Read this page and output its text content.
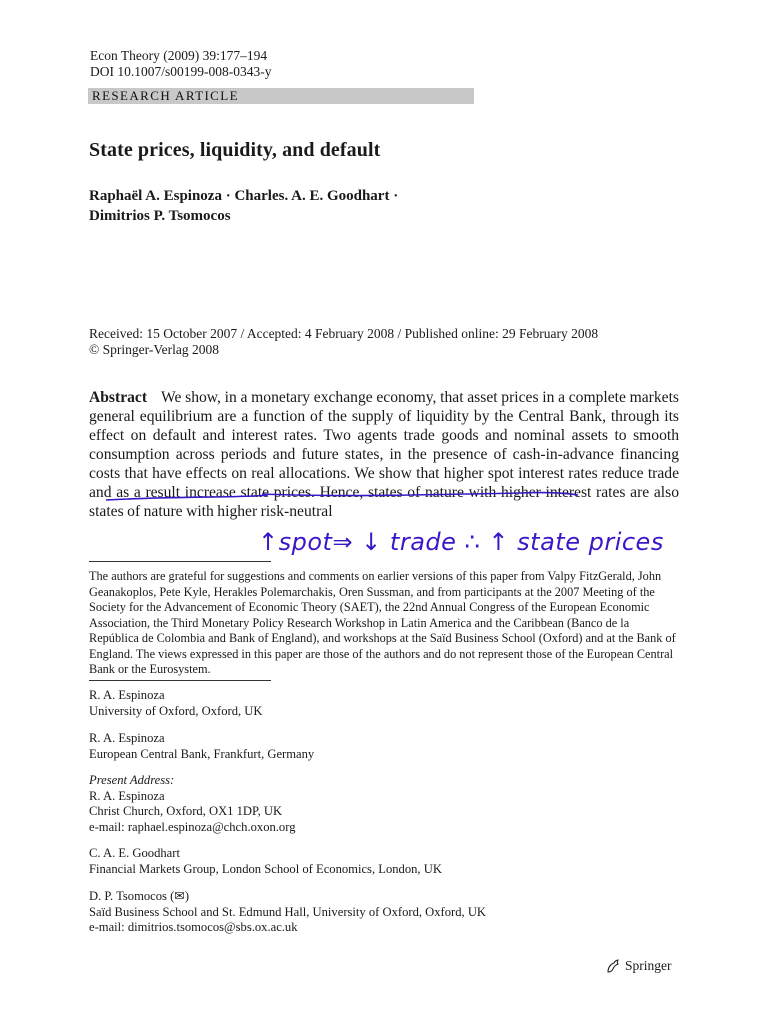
Econ Theory (2009) 39:177–194
DOI 10.1007/s00199-008-0343-y
RESEARCH ARTICLE
State prices, liquidity, and default
Raphaël A. Espinoza · Charles. A. E. Goodhart ·
Dimitrios P. Tsomocos
Received: 15 October 2007 / Accepted: 4 February 2008 / Published online: 29 February 2008
© Springer-Verlag 2008

Abstract We show, in a monetary exchange economy, that asset prices in a complete markets general equilibrium are a function of the supply of liquidity by the Central Bank, through its effect on default and interest rates. Two agents trade goods and nominal assets to smooth consumption across periods and future states, in the presence of cash-in-advance financing costs that have effects on real allocations. We show that higher spot interest rates reduce trade and as a result increase state prices. Hence, states of nature with higher interest rates are also states of nature with higher risk-neutral

↑spot⇒ ↓ trade ∴ ↑ state prices

The authors are grateful for suggestions and comments on earlier versions of this paper from Valpy FitzGerald, John Geanakoplos, Pete Kyle, Herakles Polemarchakis, Oren Sussman, and from participants at the 2007 Meeting of the Society for the Advancement of Economic Theory (SAET), the 22nd Annual Congress of the European Economic Association, the Third Monetary Policy Research Workshop in Latin America and the Caribbean (Banco de la República de Colombia and Bank of England), and workshops at the Saïd Business School (Oxford) and at the Bank of England. The views expressed in this paper are those of the authors and do not represent those of the European Central Bank or the Eurosystem.

R. A. Espinoza
University of Oxford, Oxford, UK
R. A. Espinoza
European Central Bank, Frankfurt, Germany
Present Address:
R. A. Espinoza
Christ Church, Oxford, OX1 1DP, UK
e-mail: raphael.espinoza@chch.oxon.org
C. A. E. Goodhart
Financial Markets Group, London School of Economics, London, UK
D. P. Tsomocos (✉)
Saïd Business School and St. Edmund Hall, University of Oxford, Oxford, UK
e-mail: dimitrios.tsomocos@sbs.ox.ac.uk
Springer
